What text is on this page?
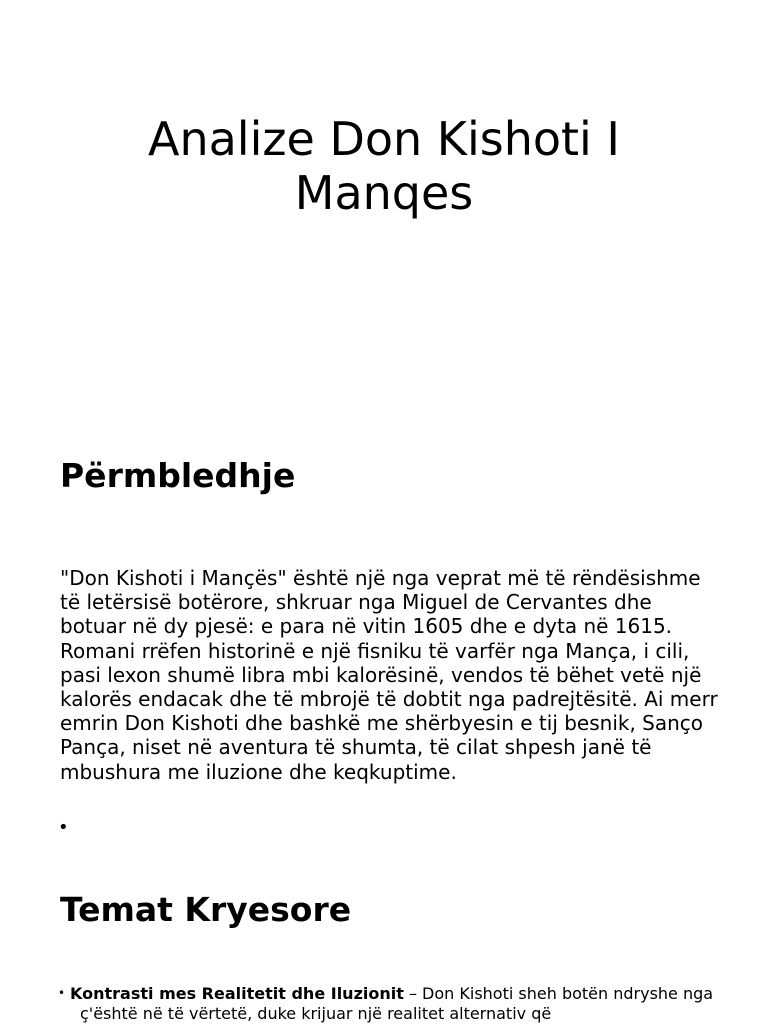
Analize Don Kishoti I Manqes
Përmbledhje

"Don Kishoti i Mançës" është një nga veprat më të rëndësishme të letërsisë botërore, shkruar nga Miguel de Cervantes dhe botuar në dy pjesë: e para në vitin 1605 dhe e dyta në 1615. Romani rrëfen historinë e një fisniku të varfër nga Mança, i cili, pasi lexon shumë libra mbi kalorësinë, vendos të bëhet vetë një kalorës endacak dhe të mbrojë të dobtit nga padrejtësitë. Ai merr emrin Don Kishoti dhe bashkë me shërbyesin e tij besnik, Sanço Pança, niset në aventura të shumta, të cilat shpesh janë të mbushura me iluzione dhe keqkuptime.

•
Temat Kryesore
• Kontrasti mes Realitetit dhe Iluzionit – Don Kishoti sheh botën ndryshe nga ç'është në të vërtetë, duke krijuar një realitet alternativ që
